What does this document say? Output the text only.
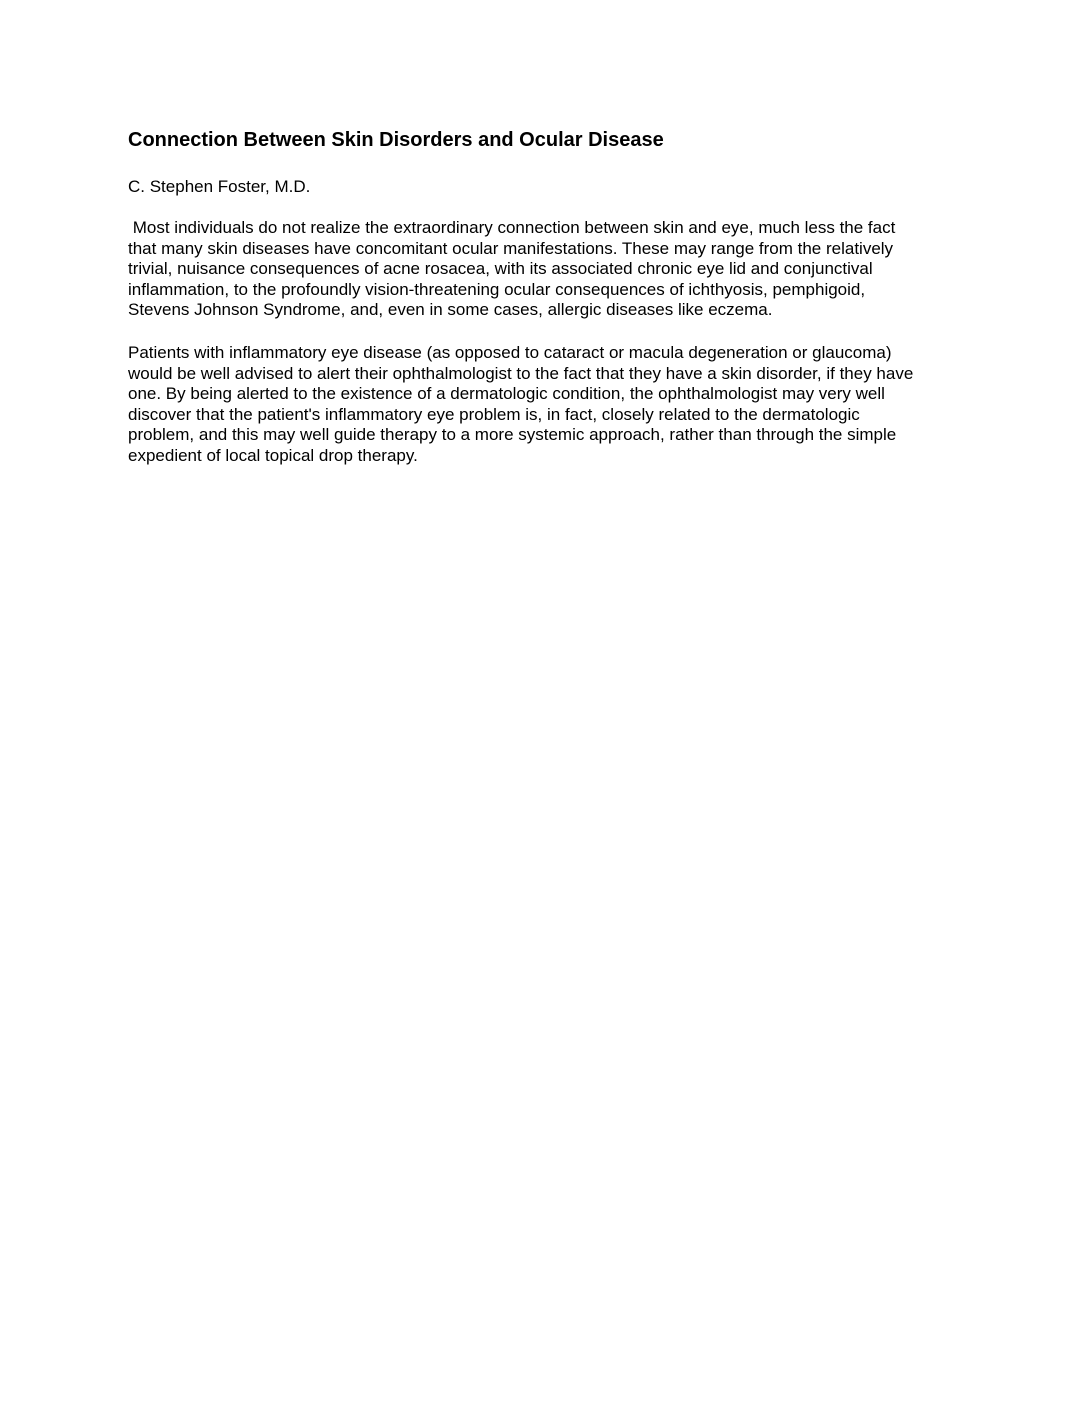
Connection Between Skin Disorders and Ocular Disease

C. Stephen Foster, M.D.

Most individuals do not realize the extraordinary connection between skin and eye, much less the fact
that many skin diseases have concomitant ocular manifestations. These may range from the relatively
trivial, nuisance consequences of acne rosacea, with its associated chronic eye lid and conjunctival
inflammation, to the profoundly vision-threatening ocular consequences of ichthyosis, pemphigoid,
Stevens Johnson Syndrome, and, even in some cases, allergic diseases like eczema.

Patients with inflammatory eye disease (as opposed to cataract or macula degeneration or glaucoma)
would be well advised to alert their ophthalmologist to the fact that they have a skin disorder, if they have
one. By being alerted to the existence of a dermatologic condition, the ophthalmologist may very well
discover that the patient's inflammatory eye problem is, in fact, closely related to the dermatologic
problem, and this may well guide therapy to a more systemic approach, rather than through the simple
expedient of local topical drop therapy.
